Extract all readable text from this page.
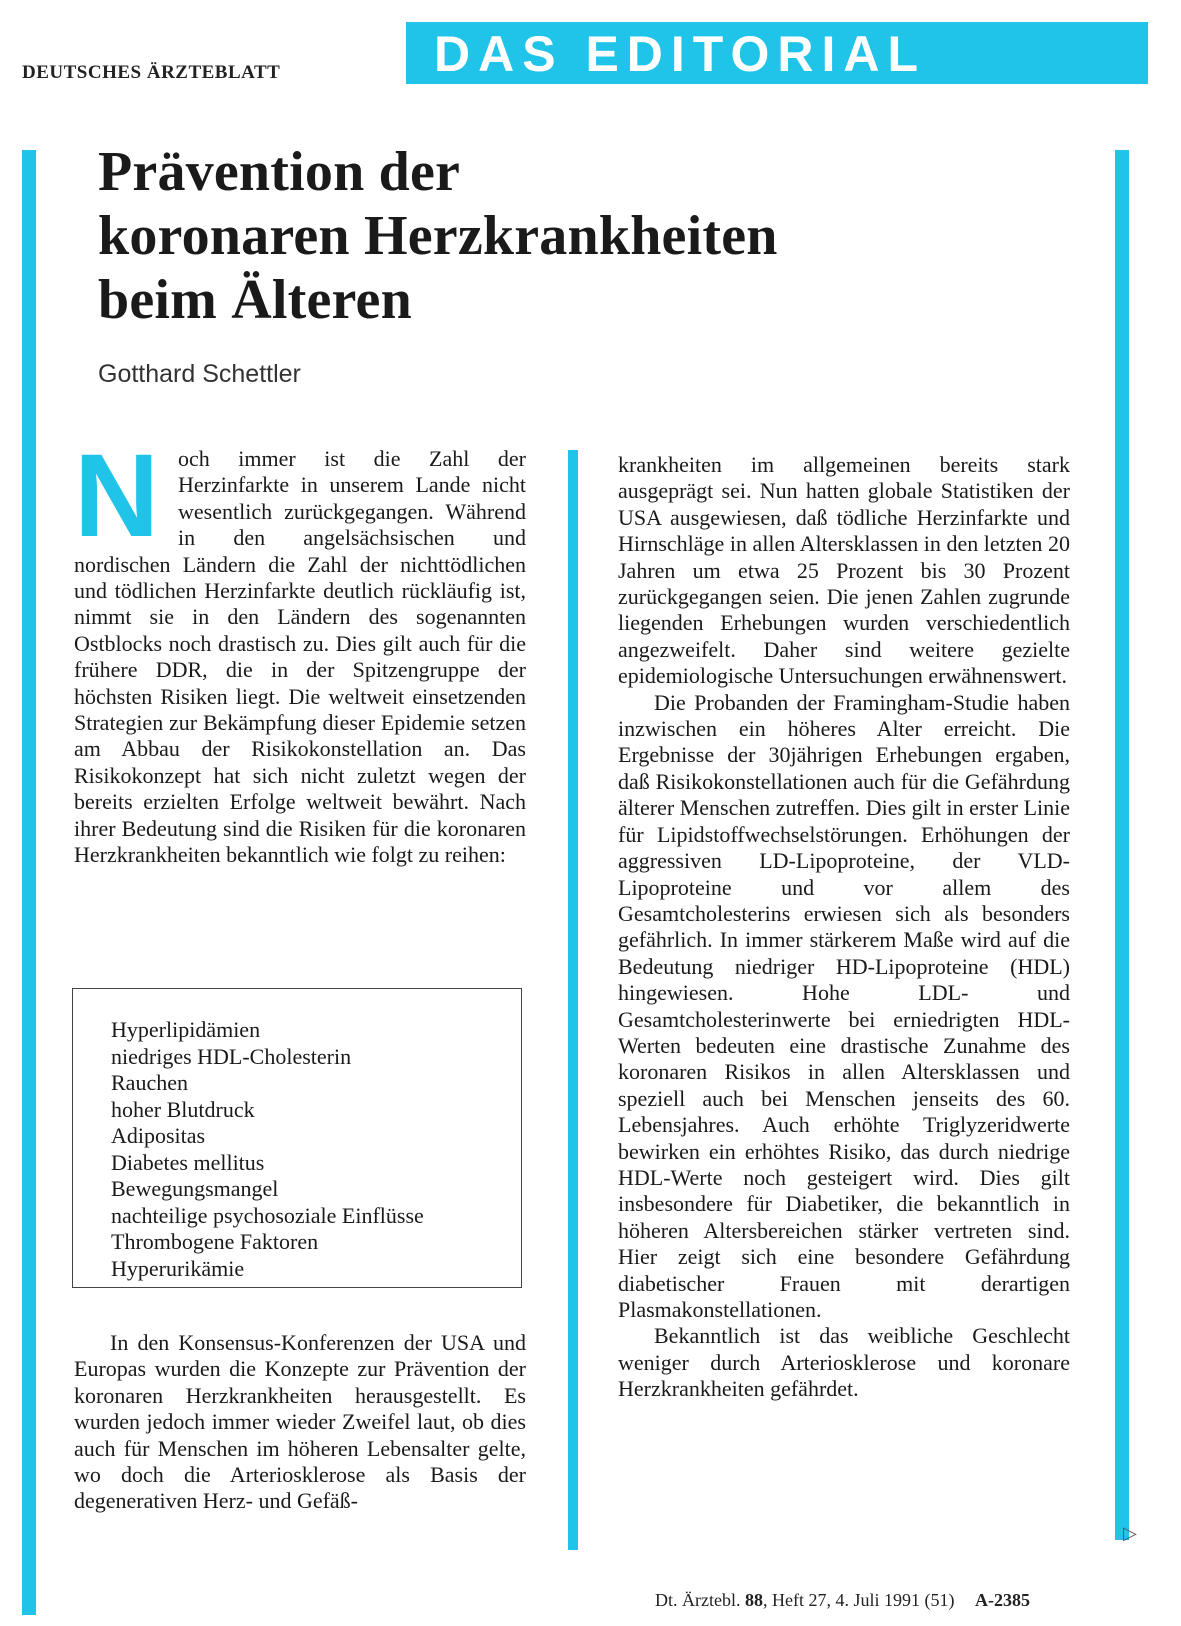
DEUTSCHES ÄRZTEBLATT	DAS EDITORIAL
Prävention der
koronaren Herzkrankheiten
beim Älteren
Gotthard Schettler
N och immer ist die Zahl der Herzinfarkte in unserem Lande nicht wesentlich zurückgegangen. Während in den angelsächsischen und nordischen Ländern die Zahl der nichttödlichen und tödlichen Herzinfarkte deutlich rückläufig ist, nimmt sie in den Ländern des sogenannten Ostblocks noch drastisch zu. Dies gilt auch für die frühere DDR, die in der Spitzengruppe der höchsten Risiken liegt. Die weltweit einsetzenden Strategien zur Bekämpfung dieser Epidemie setzen am Abbau der Risikokonstellation an. Das Risikokonzept hat sich nicht zuletzt wegen der bereits erzielten Erfolge weltweit bewährt. Nach ihrer Bedeutung sind die Risiken für die koronaren Herzkrankheiten bekanntlich wie folgt zu reihen:

Hyperlipidämien
niedriges HDL-Cholesterin
Rauchen
hoher Blutdruck
Adipositas
Diabetes mellitus
Bewegungsmangel
nachteilige psychosoziale Einflüsse
Thrombogene Faktoren
Hyperurikämie

In den Konsensus-Konferenzen der USA und Europas wurden die Konzepte zur Prävention der koronaren Herzkrankheiten herausgestellt. Es wurden jedoch immer wieder Zweifel laut, ob dies auch für Menschen im höheren Lebensalter gelte, wo doch die Arteriosklerose als Basis der degenerativen Herz- und Gefäß-

krankheiten im allgemeinen bereits stark ausgeprägt sei. Nun hatten globale Statistiken der USA ausgewiesen, daß tödliche Herzinfarkte und Hirnschläge in allen Altersklassen in den letzten 20 Jahren um etwa 25 Prozent bis 30 Prozent zurückgegangen seien. Die jenen Zahlen zugrunde liegenden Erhebungen wurden verschiedentlich angezweifelt. Daher sind weitere gezielte epidemiologische Untersuchungen erwähnenswert.

Die Probanden der Framingham-Studie haben inzwischen ein höheres Alter erreicht. Die Ergebnisse der 30jährigen Erhebungen ergaben, daß Risikokonstellationen auch für die Gefährdung älterer Menschen zutreffen. Dies gilt in erster Linie für Lipidstoffwechselstörungen. Erhöhungen der aggressiven LD-Lipoproteine, der VLD-Lipoproteine und vor allem des Gesamtcholesterins erwiesen sich als besonders gefährlich. In immer stärkerem Maße wird auf die Bedeutung niedriger HD-Lipoproteine (HDL) hingewiesen. Hohe LDL- und Gesamtcholesterinwerte bei erniedrigten HDL-Werten bedeuten eine drastische Zunahme des koronaren Risikos in allen Altersklassen und speziell auch bei Menschen jenseits des 60. Lebensjahres. Auch erhöhte Triglyzeridwerte bewirken ein erhöhtes Risiko, das durch niedrige HDL-Werte noch gesteigert wird. Dies gilt insbesondere für Diabetiker, die bekanntlich in höheren Altersbereichen stärker vertreten sind. Hier zeigt sich eine besondere Gefährdung diabetischer Frauen mit derartigen Plasmakonstellationen.

Bekanntlich ist das weibliche Geschlecht weniger durch Arteriosklerose und koronare Herzkrankheiten gefährdet.

▷
Dt. Ärztebl. 88, Heft 27, 4. Juli 1991 (51) A-2385
